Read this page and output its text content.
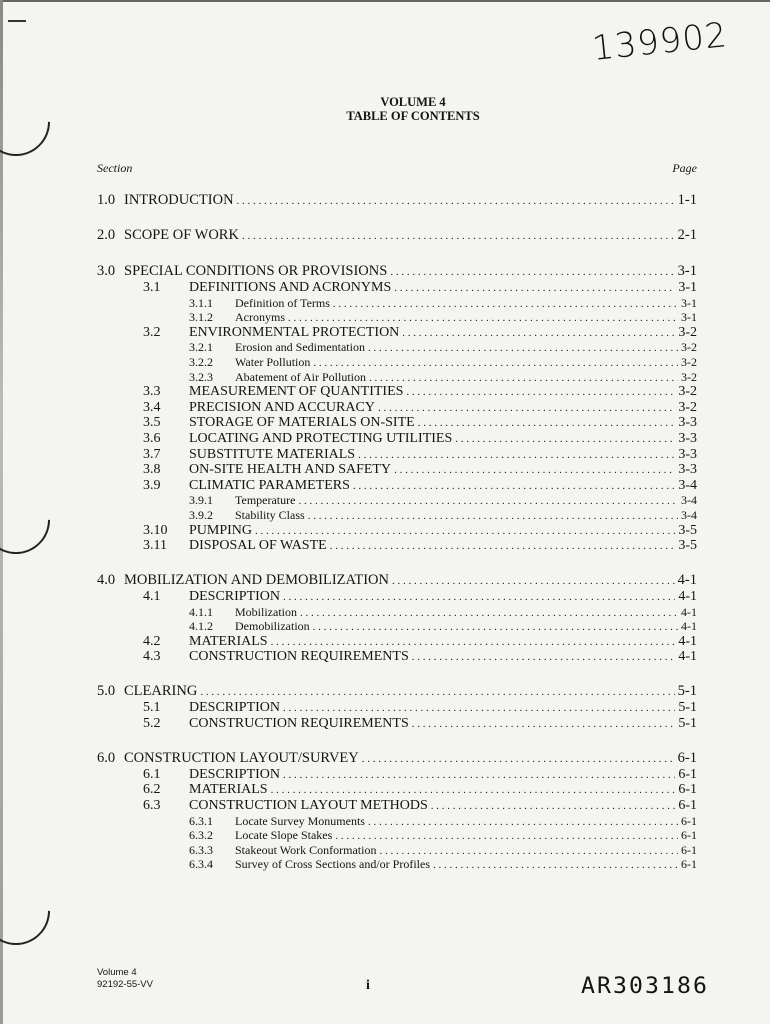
139902
VOLUME 4
TABLE OF CONTENTS
Section	Page
1.0 INTRODUCTION . . .	1-1
2.0 SCOPE OF WORK . . .	2-1
3.0 SPECIAL CONDITIONS OR PROVISIONS . . .	3-1
3.1	DEFINITIONS AND ACRONYMS . . .	3-1
3.1.1	Definition of Terms . . .	3-1
3.1.2	Acronyms . . .	3-1
3.2	ENVIRONMENTAL PROTECTION . . .	3-2
3.2.1	Erosion and Sedimentation . . .	3-2
3.2.2	Water Pollution . . .	3-2
3.2.3	Abatement of Air Pollution . . .	3-2
3.3	MEASUREMENT OF QUANTITIES . . .	3-2
3.4	PRECISION AND ACCURACY . . .	3-2
3.5	STORAGE OF MATERIALS ON-SITE . . .	3-3
3.6	LOCATING AND PROTECTING UTILITIES . . .	3-3
3.7	SUBSTITUTE MATERIALS . . .	3-3
3.8	ON-SITE HEALTH AND SAFETY . . .	3-3
3.9	CLIMATIC PARAMETERS . . .	3-4
3.9.1	Temperature . . .	3-4
3.9.2	Stability Class . . .	3-4
3.10	PUMPING . . .	3-5
3.11	DISPOSAL OF WASTE . . .	3-5
4.0 MOBILIZATION AND DEMOBILIZATION . . .	4-1
4.1	DESCRIPTION . . .	4-1
4.1.1	Mobilization . . .	4-1
4.1.2	Demobilization . . .	4-1
4.2	MATERIALS . . .	4-1
4.3	CONSTRUCTION REQUIREMENTS . . .	4-1
5.0 CLEARING . . .	5-1
5.1	DESCRIPTION . . .	5-1
5.2	CONSTRUCTION REQUIREMENTS . . .	5-1
6.0 CONSTRUCTION LAYOUT/SURVEY . . .	6-1
6.1	DESCRIPTION . . .	6-1
6.2	MATERIALS . . .	6-1
6.3	CONSTRUCTION LAYOUT METHODS . . .	6-1
6.3.1	Locate Survey Monuments . . .	6-1
6.3.2	Locate Slope Stakes . . .	6-1
6.3.3	Stakeout Work Conformation . . .	6-1
6.3.4	Survey of Cross Sections and/or Profiles . . .	6-1
Volume 4
92192-55-VV	i	AR303186
